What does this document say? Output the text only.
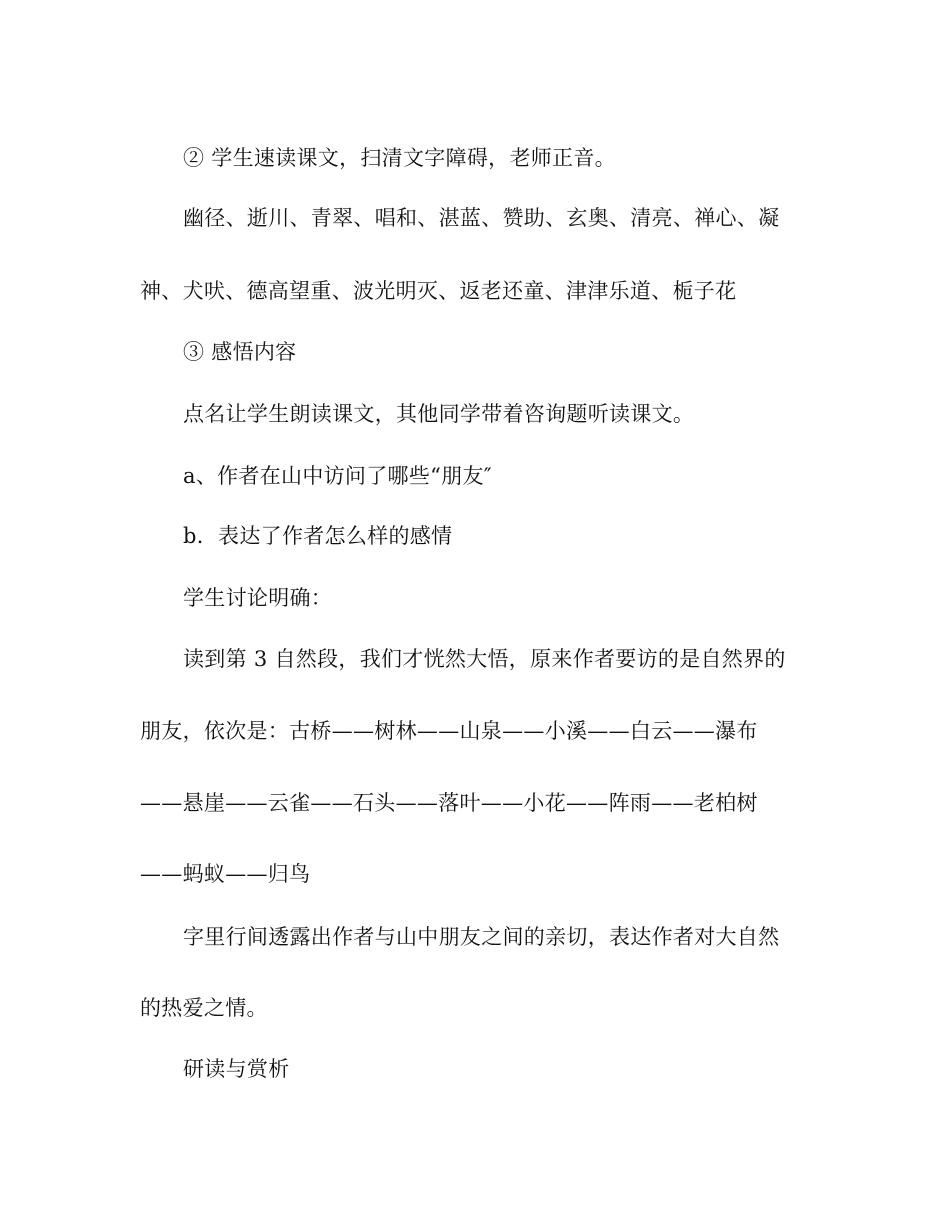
② 学生速读课文，扫清文字障碍，老师正音。
幽径、逝川、青翠、唱和、湛蓝、赞助、玄奥、清亮、禅心、凝
神、犬吠、德高望重、波光明灭、返老还童、津津乐道、栀子花
③ 感悟内容
点名让学生朗读课文，其他同学带着咨询题听读课文。
a、作者在山中访问了哪些“朋友″
b．表达了作者怎么样的感情
学生讨论明确：
读到第 3 自然段，我们才恍然大悟，原来作者要访的是自然界的
朋友，依次是：古桥——树林——山泉——小溪——白云——瀑布
——悬崖——云雀——石头——落叶——小花——阵雨——老柏树
——蚂蚁——归鸟
字里行间透露出作者与山中朋友之间的亲切，表达作者对大自然
的热爱之情。
研读与赏析
